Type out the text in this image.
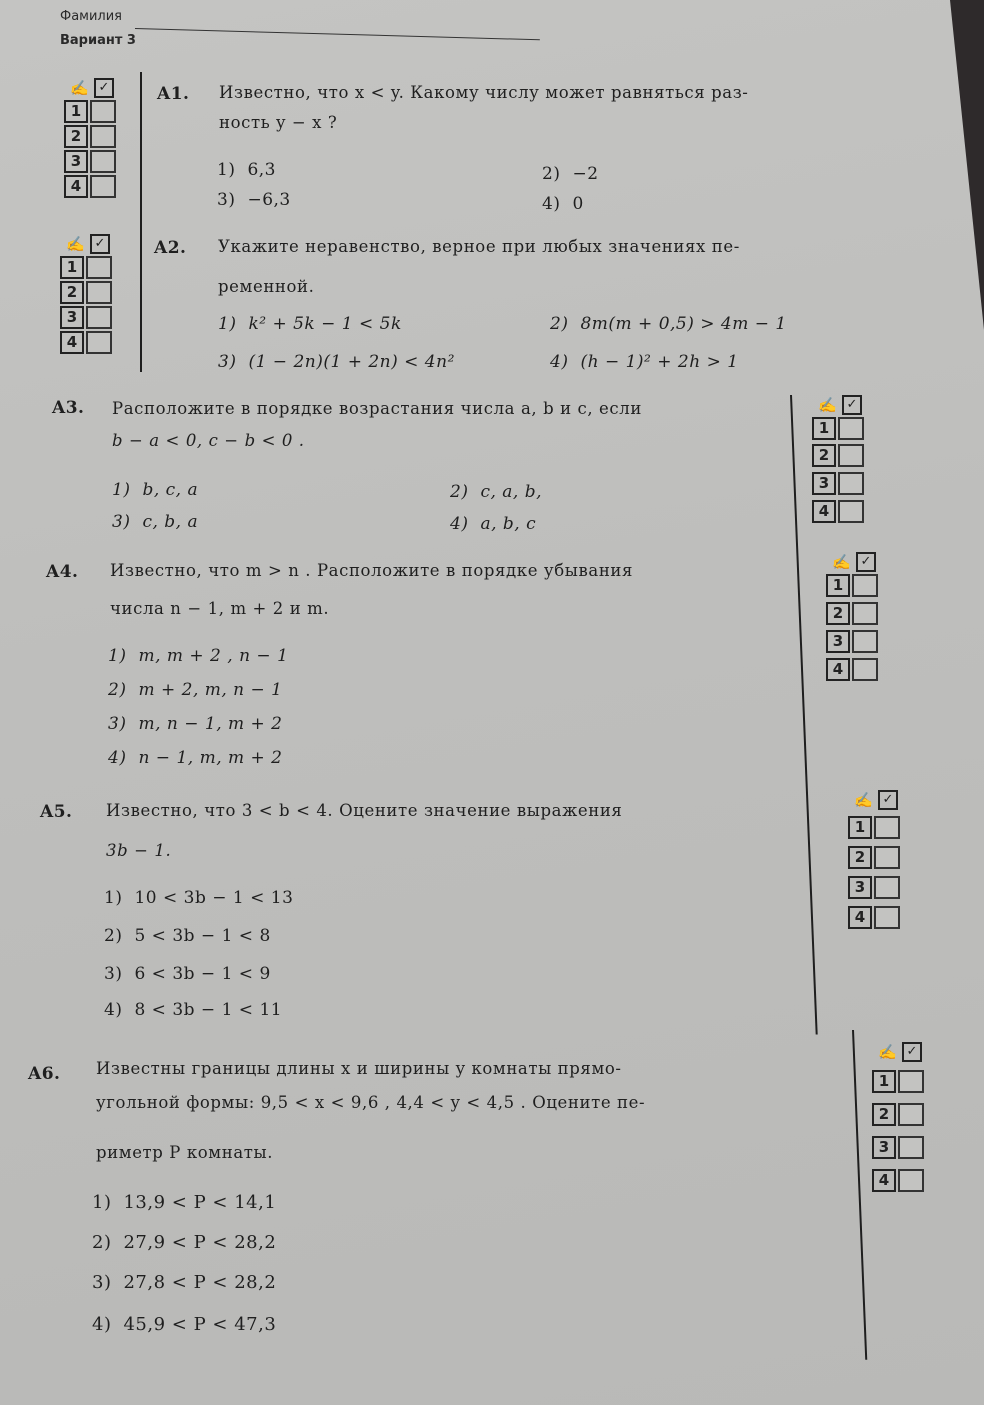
Фамилия
Вариант 3
✍ ✓
1
2
3
4
A1. Известно, что x < y. Какому числу может равняться раз-
ность y − x ?
1) 6,3	2) −2
3) −6,3	4) 0
✍ ✓
1
2
3
4
A2. Укажите неравенство, верное при любых значениях пе-
ременной.
1) k² + 5k − 1 < 5k	2) 8m(m + 0,5) > 4m − 1
3) (1 − 2n)(1 + 2n) < 4n²	4) (h − 1)² + 2h > 1
A3. Расположите в порядке возрастания числа a, b и c, если
b − a < 0, c − b < 0 .
1) b, c, a	2) c, a, b,
3) c, b, a	4) a, b, c
✍ ✓
1
2
3
4
A4. Известно, что m > n . Расположите в порядке убывания
числа n − 1, m + 2 и m.
1) m, m + 2 , n − 1
2) m + 2, m, n − 1
3) m, n − 1, m + 2
4) n − 1, m, m + 2
✍ ✓
1
2
3
4
A5. Известно, что 3 < b < 4. Оцените значение выражения
3b − 1.
1) 10 < 3b − 1 < 13
2) 5 < 3b − 1 < 8
3) 6 < 3b − 1 < 9
4) 8 < 3b − 1 < 11
✍ ✓
1
2
3
4
A6. Известны границы длины x и ширины y комнаты прямо-
угольной формы: 9,5 < x < 9,6 , 4,4 < y < 4,5 . Оцените пе-
риметр P комнаты.
1) 13,9 < P < 14,1
2) 27,9 < P < 28,2
3) 27,8 < P < 28,2
4) 45,9 < P < 47,3
✍ ✓
1
2
3
4
